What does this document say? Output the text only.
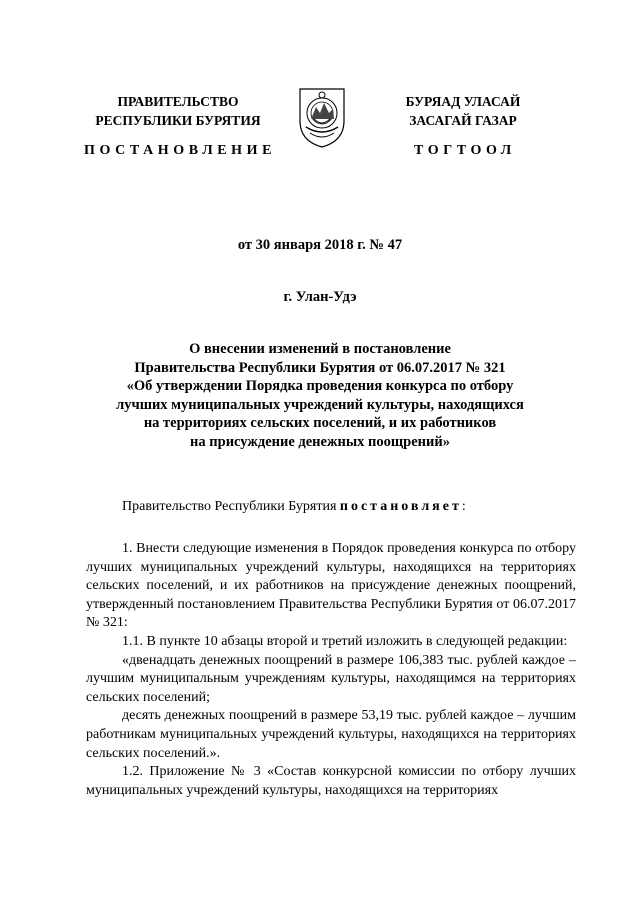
ПРАВИТЕЛЬСТВО
РЕСПУБЛИКИ БУРЯТИЯ
БУРЯАД УЛАСАЙ
ЗАСАГАЙ ГАЗАР
ПОСТАНОВЛЕНИЕ	ТОГТООЛ
от 30 января 2018 г. № 47
г. Улан-Удэ
О внесении изменений в постановление
Правительства Республики Бурятия от 06.07.2017 № 321
«Об утверждении Порядка проведения конкурса по отбору
лучших муниципальных учреждений культуры, находящихся
на территориях сельских поселений, и их работников
на присуждение денежных поощрений»

Правительство Республики Бурятия постановляет:

1. Внести следующие изменения в Порядок проведения конкурса по отбору лучших муниципальных учреждений культуры, находящихся на территориях сельских поселений, и их работников на присуждение денежных поощрений, утвержденный постановлением Правительства Республики Бурятия от 06.07.2017 № 321:

1.1. В пункте 10 абзацы второй и третий изложить в следующей редакции:

«двенадцать денежных поощрений в размере 106,383 тыс. рублей каждое – лучшим муниципальным учреждениям культуры, находящимся на территориях сельских поселений;

десять денежных поощрений в размере 53,19 тыс. рублей каждое – лучшим работникам муниципальных учреждений культуры, находящихся на территориях сельских поселений.».

1.2. Приложение № 3 «Состав конкурсной комиссии по отбору лучших муниципальных учреждений культуры, находящихся на территориях
